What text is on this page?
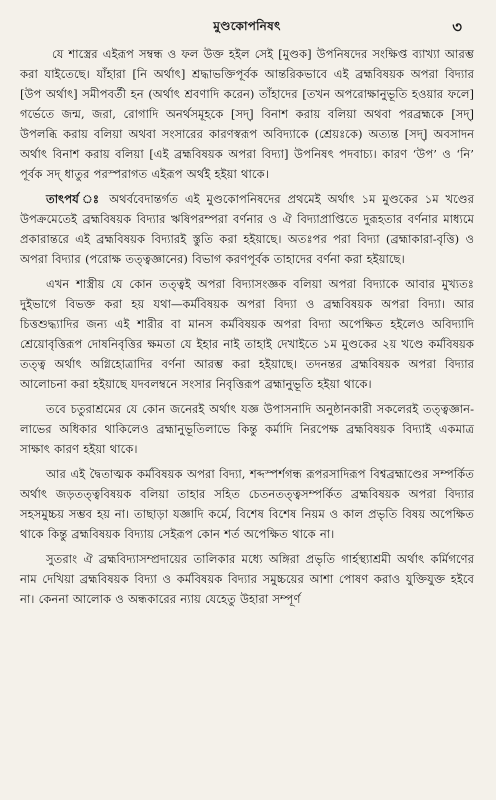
মুণ্ডকোপনিষৎ	৩

যে শাস্ত্রের এইরূপ সম্বন্ধ ও ফল উক্ত হইল সেই [মুণ্ডক] উপনিষদের সংক্ষিপ্ত ব্যাখ্যা আরম্ভ করা যাইতেছে। যাঁহারা [নি অর্থাৎ] শ্রদ্ধাভক্তিপূর্বক আন্তরিকভাবে এই ব্রহ্মবিষয়ক অপরা বিদ্যার [উপ অর্থাৎ] সমীপবর্তী হন (অর্থাৎ শ্রবণাদি করেন) তাঁহাদের [তখন অপরোক্ষানুভূতি হওয়ার ফলে] গর্ভেতে জন্ম, জরা, রোগাদি অনর্থসমূহকে [সদ্] বিনাশ করায় বলিয়া অথবা পরব্রহ্মকে [সদ্] উপলব্ধি করায় বলিয়া অথবা সংসারের কারণস্বরূপ অবিদ্যাকে (শ্রেয়ঃকে) অত্যন্ত [সদ্] অবসাদন অর্থাৎ বিনাশ করায় বলিয়া [এই ব্রহ্মবিষয়ক অপরা বিদ্যা] উপনিষৎ পদবাচ্য। কারণ ‘উপ’ ও ‘নি’ পূর্বক সদ্ ধাতুর পরস্পরাগত এইরূপ অর্থই হইয়া থাকে।

তাৎপর্য ঃ অথর্ববেদান্তর্গত এই মুণ্ডকোপনিষদের প্রথমেই অর্থাৎ ১ম মুণ্ডকের ১ম খণ্ডের উপক্রমেতেই ব্রহ্মবিষয়ক বিদ্যার ঋষিপরম্পরা বর্ণনার ও ঐ বিদ্যাপ্রাপ্তিতে দুরূহতার বর্ণনার মাধ্যমে প্রকারান্তরে এই ব্রহ্মবিষয়ক বিদ্যারই স্তুতি করা হইয়াছে। অতঃপর পরা বিদ্যা (ব্রহ্মাকারা-বৃত্তি) ও অপরা বিদ্যার (পরোক্ষ তত্ত্বজ্ঞানের) বিভাগ করণপূর্বক তাহাদের বর্ণনা করা হইয়াছে।

এখন শাস্ত্রীয় যে কোন তত্ত্বই অপরা বিদ্যাসংজ্ঞক বলিয়া অপরা বিদ্যাকে আবার মুখ্যতঃ দুইভাগে বিভক্ত করা হয় যথা—কর্মবিষয়ক অপরা বিদ্যা ও ব্রহ্মবিষয়ক অপরা বিদ্যা। আর চিত্তশুদ্ধ্যাদির জন্য এই শারীর বা মানস কর্মবিষয়ক অপরা বিদ্যা অপেক্ষিত হইলেও অবিদ্যাদি শ্রেয়োবৃত্তিরূপ দোষনিবৃত্তির ক্ষমতা যে ইহার নাই তাহাই দেখাইতে ১ম মুণ্ডকের ২য় খণ্ডে কর্মবিষয়ক তত্ত্ব অর্থাৎ অগ্নিহোত্রাদির বর্ণনা আরম্ভ করা হইয়াছে। তদনন্তর ব্রহ্মবিষয়ক অপরা বিদ্যার আলোচনা করা হইয়াছে যদবলম্বনে সংসার নিবৃত্তিরূপ ব্রহ্মানুভূতি হইয়া থাকে।

তবে চতুরাশ্রমের যে কোন জনেরই অর্থাৎ যজ্ঞ উপাসনাদি অনুষ্ঠানকারী সকলেরই তত্ত্বজ্ঞান-লাভের অধিকার থাকিলেও ব্রহ্মানুভূতিলাভে কিন্তু কর্মাদি নিরপেক্ষ ব্রহ্মবিষয়ক বিদ্যাই একমাত্র সাক্ষাৎ কারণ হইয়া থাকে।

আর এই দ্বৈতাত্মক কর্মবিষয়ক অপরা বিদ্যা, শব্দস্পর্শগন্ধ রূপরসাদিরূপ বিশ্বব্রহ্মাণ্ডের সম্পর্কিত অর্থাৎ জড়তত্ত্ববিষয়ক বলিয়া তাহার সহিত চেতনতত্ত্বসম্পর্কিত ব্রহ্মবিষয়ক অপরা বিদ্যার সহসমুচ্চয় সম্ভব হয় না। তাছাড়া যজ্ঞাদি কর্মে, বিশেষ বিশেষ নিয়ম ও কাল প্রভৃতি বিষয় অপেক্ষিত থাকে কিন্তু ব্রহ্মবিষয়ক বিদ্যায় সেইরূপ কোন শর্ত অপেক্ষিত থাকে না।

সুতরাং ঐ ব্রহ্মবিদ্যাসম্প্রদায়ের তালিকার মধ্যে অঙ্গিরা প্রভৃতি গার্হস্থ্যাশ্রমী অর্থাৎ কর্মিগণের নাম দেখিয়া ব্রহ্মবিষয়ক বিদ্যা ও কর্মবিষয়ক বিদ্যার সমুচ্চয়ের আশা পোষণ করাও যুক্তিযুক্ত হইবে না। কেননা আলোক ও অন্ধকারের ন্যায় যেহেতু উহারা সম্পূর্ণ
